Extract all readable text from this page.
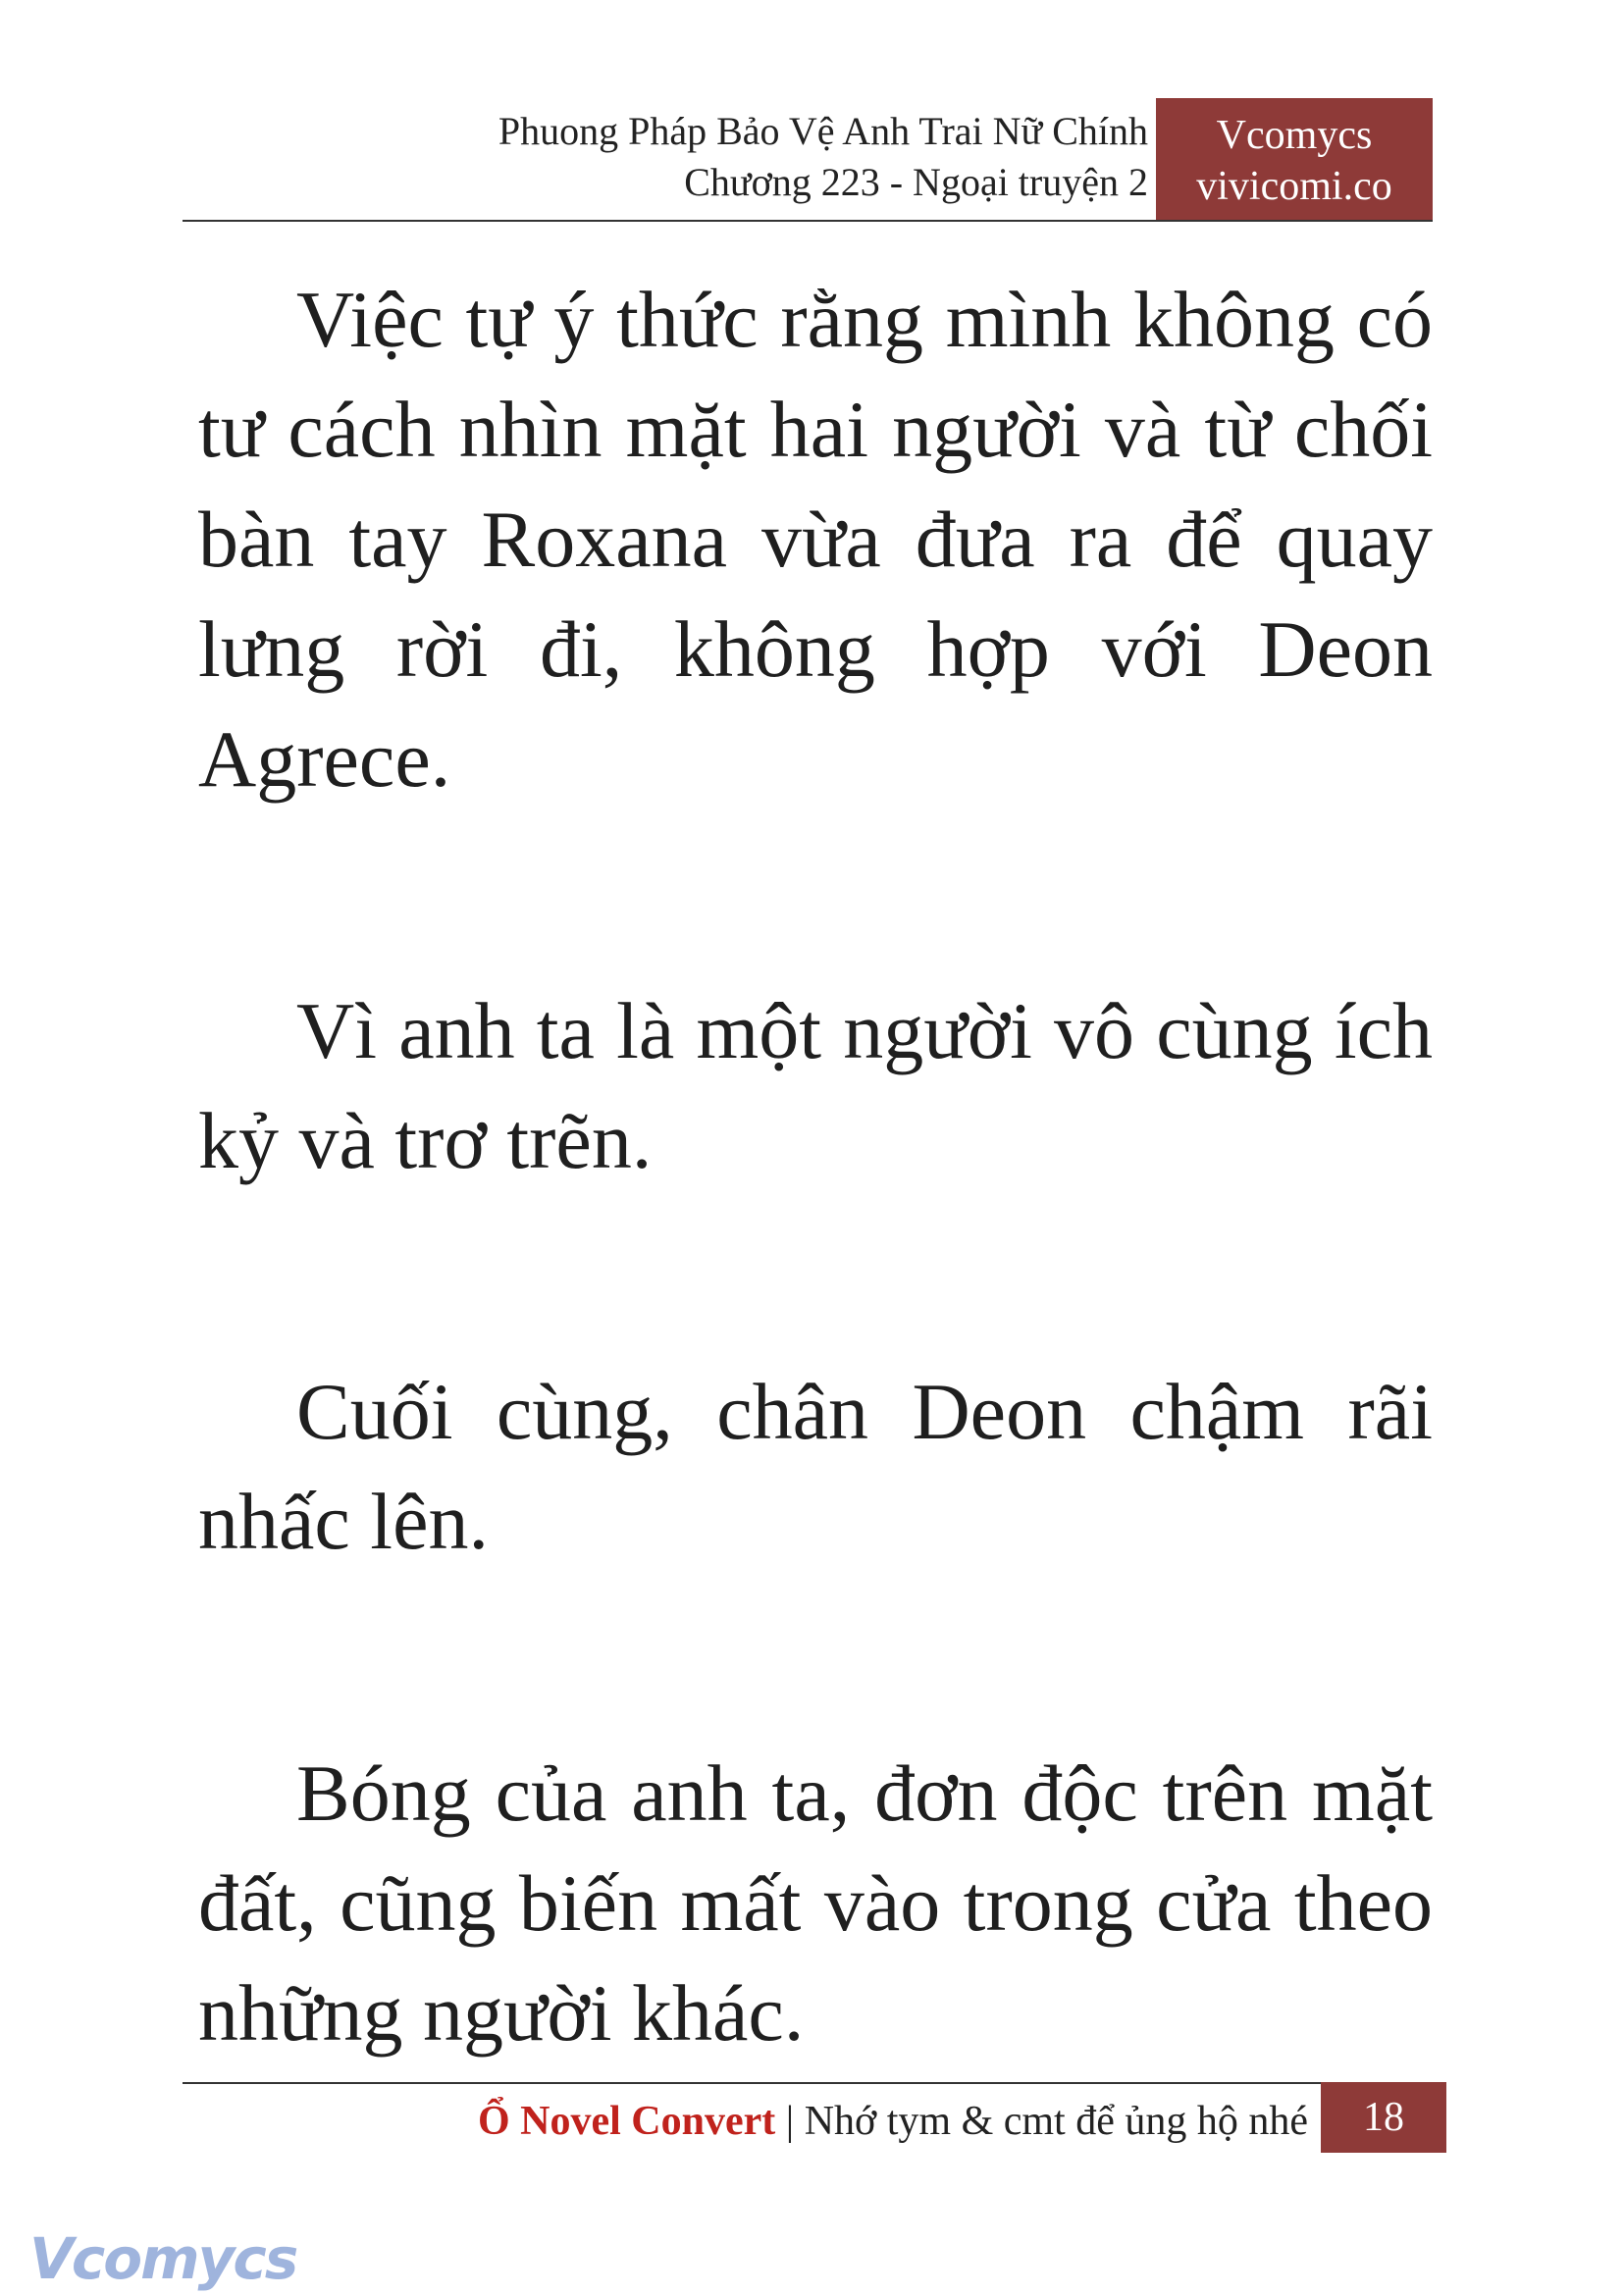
Phuong Pháp Bảo Vệ Anh Trai Nữ Chính
Chương 223 - Ngoại truyện 2
Vcomycs
vivicomi.co

Việc tự ý thức rằng mình không có tư cách nhìn mặt hai người và từ chối bàn tay Roxana vừa đưa ra để quay lưng rời đi, không hợp với Deon Agrece.

Vì anh ta là một người vô cùng ích kỷ và trơ trẽn.

Cuối cùng, chân Deon chậm rãi nhấc lên.

Bóng của anh ta, đơn độc trên mặt đất, cũng biến mất vào trong cửa theo những người khác.

Ổ Novel Convert | Nhớ tym & cmt để ủng hộ nhé	18
Vcomycs
